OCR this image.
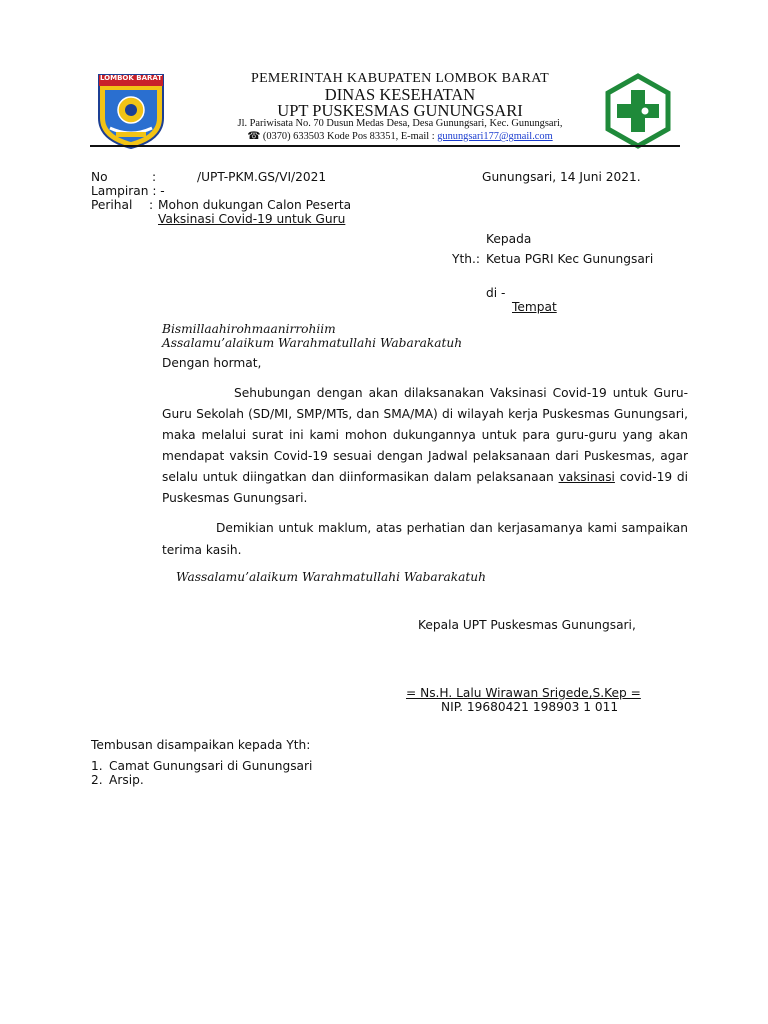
LOMBOK BARAT	PEMERINTAH KABUPATEN LOMBOK BARAT
DINAS KESEHATAN
UPT PUSKESMAS GUNUNGSARI
Jl. Pariwisata No. 70 Dusun Medas Desa, Desa Gunungsari, Kec. Gunungsari,
☎ (0370) 633503 Kode Pos 83351, E-mail : gunungsari177@gmail.com
No	:	/UPT-PKM.GS/VI/2021	Gunungsari, 14 Juni 2021.
Lampiran : -
Perihal : Mohon dukungan Calon Peserta
Vaksinasi Covid-19 untuk Guru
Kepada
Yth.: Ketua PGRI Kec Gunungsari
di -
Tempat
Bismillaahirohmaanirrohiim
Assalamu’alaikum Warahmatullahi Wabarakatuh
Dengan hormat,
Sehubungan dengan akan dilaksanakan Vaksinasi Covid-19 untuk Guru-Guru Sekolah (SD/MI, SMP/MTs, dan SMA/MA) di wilayah kerja Puskesmas Gunungsari, maka melalui surat ini kami mohon dukungannya untuk para guru-guru yang akan mendapat vaksin Covid-19 sesuai dengan Jadwal pelaksanaan dari Puskesmas, agar selalu untuk diingatkan dan diinformasikan dalam pelaksanaan vaksinasi covid-19 di Puskesmas Gunungsari.
Demikian untuk maklum, atas perhatian dan kerjasamanya kami sampaikan terima kasih.
Wassalamu’alaikum Warahmatullahi Wabarakatuh
Kepala UPT Puskesmas Gunungsari,
= Ns.H. Lalu Wirawan Srigede,S.Kep =
NIP. 19680421 198903 1 011
Tembusan disampaikan kepada Yth:
1. Camat Gunungsari di Gunungsari
2. Arsip.
